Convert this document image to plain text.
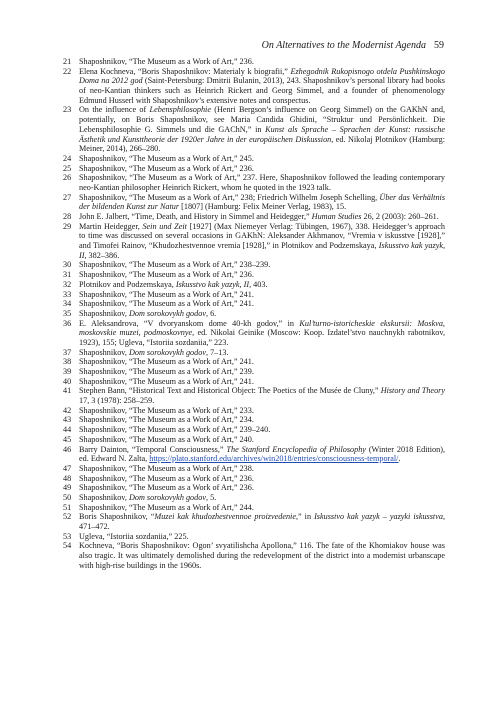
On Alternatives to the Modernist Agenda 59
21 Shaposhnikov, “The Museum as a Work of Art,” 236.
22 Elena Kochneva, “Boris Shaposhnikov: Materialy k biografii,” Ezhegodnik Rukopisnogo otdela Pushkinskogo Doma na 2012 god (Saint-Petersburg: Dmitrii Bulanin, 2013), 243. Shaposhnikov’s personal library had books of neo-Kantian thinkers such as Heinrich Rickert and Georg Simmel, and a founder of phenomenology Edmund Husserl with Shaposhnikov’s extensive notes and conspectus.
23 On the influence of Lebensphilosophie (Henri Bergson’s influence on Georg Simmel) on the GAKhN and, potentially, on Boris Shaposhnikov, see Maria Candida Ghidini, “Struktur und Persönlichkeit. Die Lebensphilosophie G. Simmels und die GAChN,” in Kunst als Sprache – Sprachen der Kunst: russische Ästhetik und Kunsttheorie der 1920er Jahre in der europäischen Diskussion, ed. Nikolaj Plotnikov (Hamburg: Meiner, 2014), 266–280.
24 Shaposhnikov, “The Museum as a Work of Art,” 245.
25 Shaposhnikov, “The Museum as a Work of Art,” 236.
26 Shaposhnikov, “The Museum as a Work of Art,” 237. Here, Shaposhnikov followed the leading contemporary neo-Kantian philosopher Heinrich Rickert, whom he quoted in the 1923 talk.
27 Shaposhnikov, “The Museum as a Work of Art,” 238; Friedrich Wilhelm Joseph Schelling, Über das Verhältnis der bildenden Kunst zur Natur [1807] (Hamburg: Felix Meiner Verlag, 1983), 15.
28 John E. Jalbert, “Time, Death, and History in Simmel and Heidegger,” Human Studies 26, 2 (2003): 260–261.
29 Martin Heidegger, Sein und Zeit [1927] (Max Niemeyer Verlag: Tübingen, 1967), 338. Heidegger’s approach to time was discussed on several occasions in GAKhN: Aleksander Akhmanov, “Vremia v iskusstve [1928],” and Timofei Rainov, “Khudozhestvennoe vremia [1928],” in Plotnikov and Podzemskaya, Iskusstvo kak yazyk, II, 382–386.
30 Shaposhnikov, “The Museum as a Work of Art,” 238–239.
31 Shaposhnikov, “The Museum as a Work of Art,” 236.
32 Plotnikov and Podzemskaya, Iskusstvo kak yazyk, II, 403.
33 Shaposhnikov, “The Museum as a Work of Art,” 241.
34 Shaposhnikov, “The Museum as a Work of Art,” 241.
35 Shaposhnikov, Dom sorokovykh godov, 6.
36 E. Aleksandrova, “V dvoryanskom dome 40-kh godov,” in Kul’turno-istoricheskie ekskursii: Moskva, moskovskie muzei, podmoskovnye, ed. Nikolai Geinike (Moscow: Koop. Izdatel’stvo nauchnykh rabotnikov, 1923), 155; Ugleva, “Istoriia sozdaniia,” 223.
37 Shaposhnikov, Dom sorokovykh godov, 7–13.
38 Shaposhnikov, “The Museum as a Work of Art,” 241.
39 Shaposhnikov, “The Museum as a Work of Art,” 239.
40 Shaposhnikov, “The Museum as a Work of Art,” 241.
41 Stephen Bann, “Historical Text and Historical Object: The Poetics of the Musée de Cluny,” History and Theory 17, 3 (1978): 258–259.
42 Shaposhnikov, “The Museum as a Work of Art,” 233.
43 Shaposhnikov, “The Museum as a Work of Art,” 234.
44 Shaposhnikov, “The Museum as a Work of Art,” 239–240.
45 Shaposhnikov, “The Museum as a Work of Art,” 240.
46 Barry Dainton, “Temporal Consciousness,” The Stanford Encyclopedia of Philosophy (Winter 2018 Edition), ed. Edward N. Zalta, https://plato.stanford.edu/archives/win2018/entries/consciousness-temporal/.
47 Shaposhnikov, “The Museum as a Work of Art,” 238.
48 Shaposhnikov, “The Museum as a Work of Art,” 236.
49 Shaposhnikov, “The Museum as a Work of Art,” 236.
50 Shaposhnikov, Dom sorokovykh godov, 5.
51 Shaposhnikov, “The Museum as a Work of Art,” 244.
52 Boris Shaposhnikov, “Muzei kak khudozhestvennoe proizvedenie,” in Iskusstvo kak yazyk – yazyki iskusstva, 471–472.
53 Ugleva, “Istoriia sozdaniia,” 225.
54 Kochneva, “Boris Shaposhnikov: Ogon’ svyatilishcha Apollona,” 116. The fate of the Khomiakov house was also tragic. It was ultimately demolished during the redevelopment of the district into a modernist urbanscape with high-rise buildings in the 1960s.
